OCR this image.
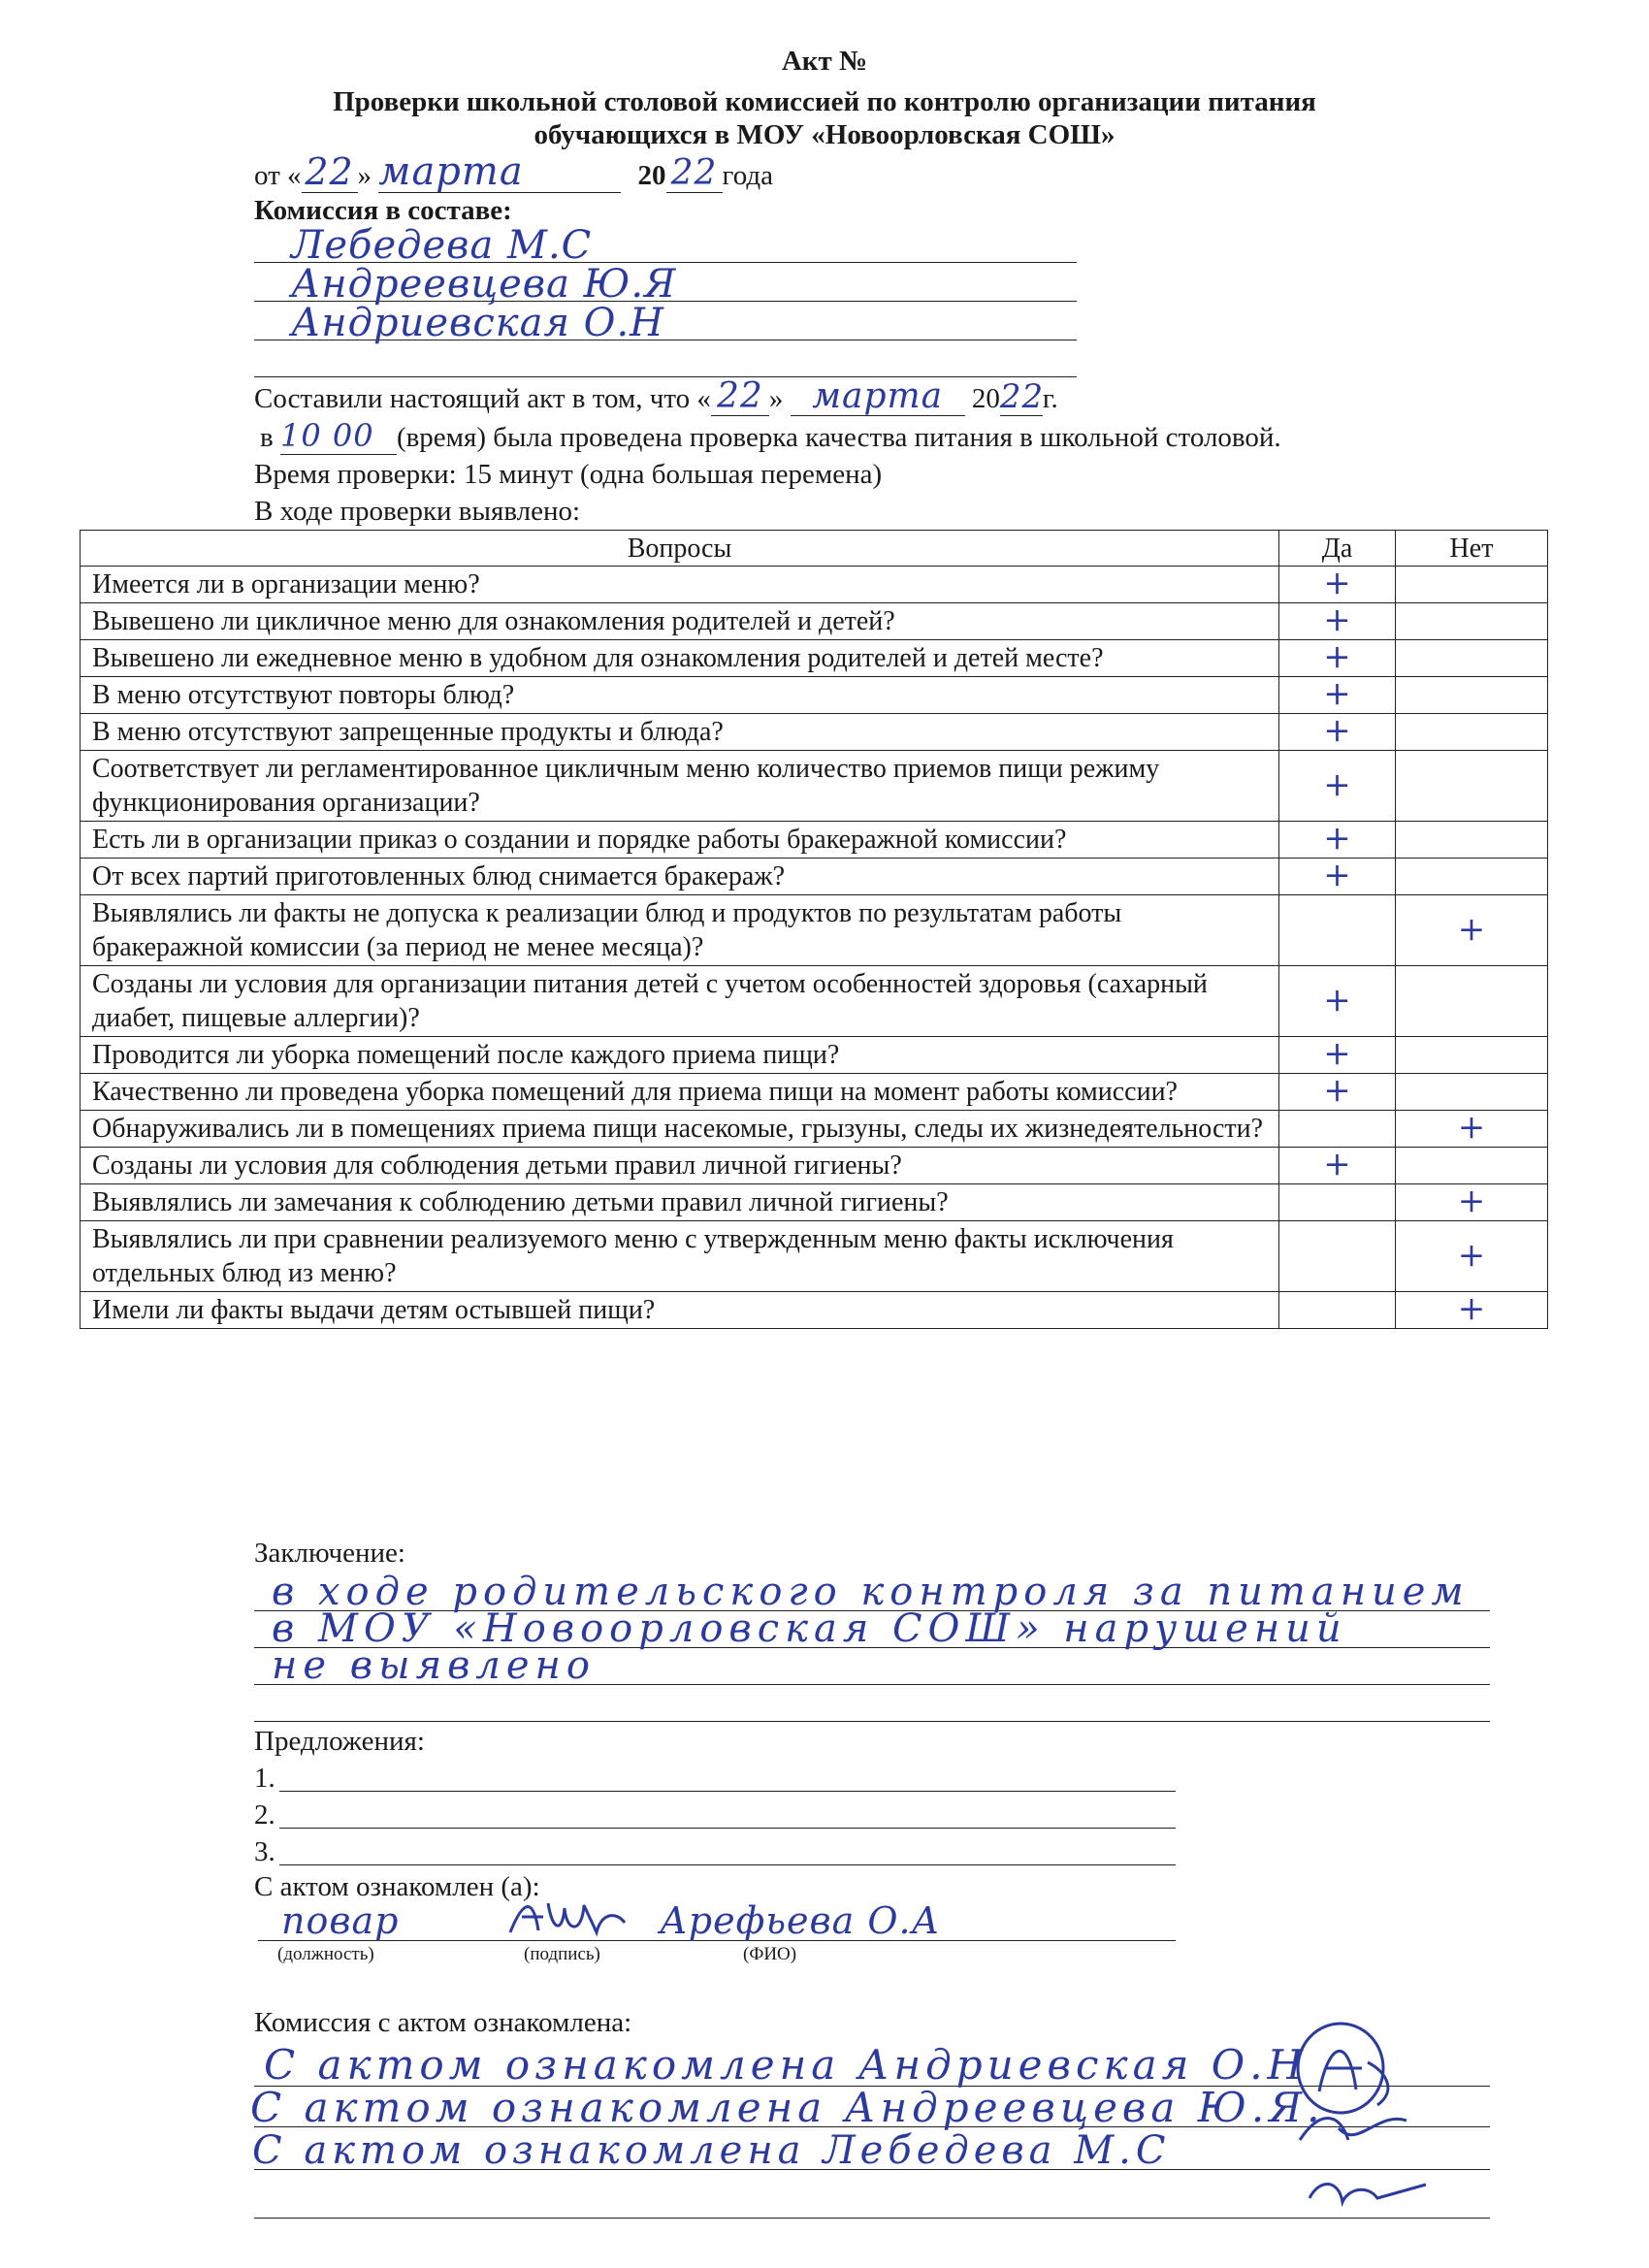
Акт №
Проверки школьной столовой комиссией по контролю организации питания
обучающихся в МОУ «Новоорловская СОШ»
от « 22 » марта	20 22 года
Комиссия в составе:
Лебедева М.С
Андреевцева Ю.Я
Андриевская О.Н
Составили настоящий акт в том, что « 22 » марта 2022г.
в 10 00 (время) была проведена проверка качества питания в школьной столовой.
Время проверки: 15 минут (одна большая перемена)
В ходе проверки выявлено:
Вопросы	Да	Нет
Имеется ли в организации меню?	+	
Вывешено ли цикличное меню для ознакомления родителей и детей?	+	
Вывешено ли ежедневное меню в удобном для ознакомления родителей и детей месте?	+	
В меню отсутствуют повторы блюд?	+	
В меню отсутствуют запрещенные продукты и блюда?	+	
Соответствует ли регламентированное цикличным меню количество приемов пищи режиму функционирования организации?	+	
Есть ли в организации приказ о создании и порядке работы бракеражной комиссии?	+	
От всех партий приготовленных блюд снимается бракераж?	+	
Выявлялись ли факты не допуска к реализации блюд и продуктов по результатам работы бракеражной комиссии (за период не менее месяца)?		+
Созданы ли условия для организации питания детей с учетом особенностей здоровья (сахарный диабет, пищевые аллергии)?	+	
Проводится ли уборка помещений после каждого приема пищи?	+	
Качественно ли проведена уборка помещений для приема пищи на момент работы комиссии?	+	
Обнаруживались ли в помещениях приема пищи насекомые, грызуны, следы их жизнедеятельности?		+
Созданы ли условия для соблюдения детьми правил личной гигиены?	+	
Выявлялись ли замечания к соблюдению детьми правил личной гигиены?		+
Выявлялись ли при сравнении реализуемого меню с утвержденным меню факты исключения отдельных блюд из меню?		+
Имели ли факты выдачи детям остывшей пищи?		+
Заключение:
в ходе родительского контроля за питанием
в МОУ «Новоорловская СОШ» нарушений
не выявлено
Предложения:
1.
2.
3.
С актом ознакомлен (а):
повар	Арефьева О.А
(должность)	(подпись)	(ФИО)
Комиссия с актом ознакомлена:
С актом ознакомлена Андриевская О.Н
С актом ознакомлена Андреевцева Ю.Я.
С актом ознакомлена Лебедева М.С
